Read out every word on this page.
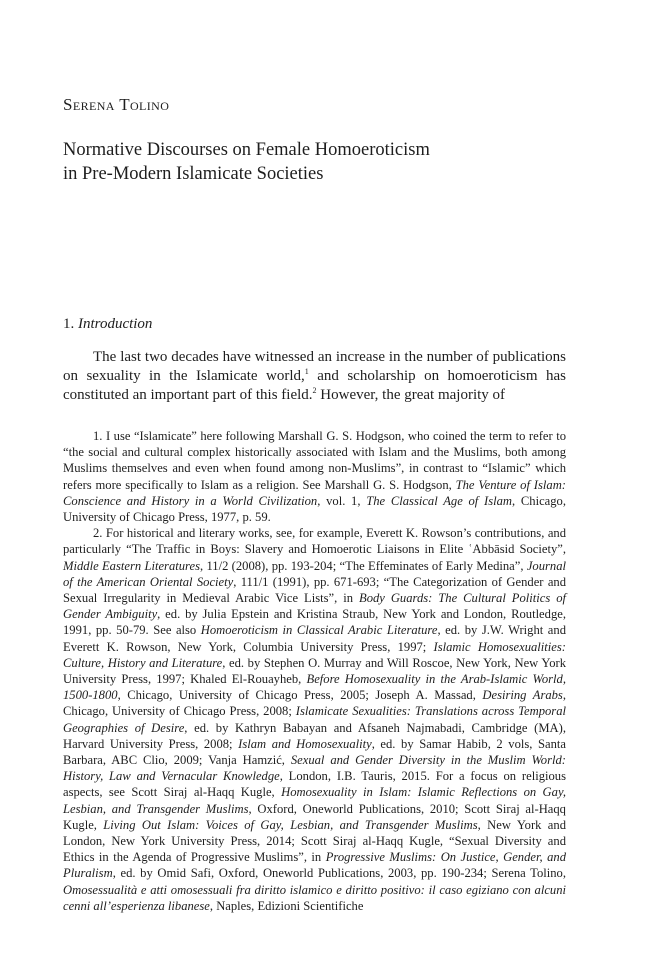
Serena Tolino
Normative Discourses on Female Homoeroticism
in Pre-Modern Islamicate Societies
1. Introduction

The last two decades have witnessed an increase in the number of publications on sexuality in the Islamicate world,$^1$ and scholarship on homoeroticism has constituted an important part of this field.$^2$ However, the great majority of

1. I use “Islamicate” here following Marshall G. S. Hodgson, who coined the term to refer to “the social and cultural complex historically associated with Islam and the Muslims, both among Muslims themselves and even when found among non-Muslims”, in contrast to “Islamic” which refers more specifically to Islam as a religion. See Marshall G. S. Hodgson, The Venture of Islam: Conscience and History in a World Civilization, vol. 1, The Classical Age of Islam, Chicago, University of Chicago Press, 1977, p. 59.

2. For historical and literary works, see, for example, Everett K. Rowson’s contributions, and particularly “The Traffic in Boys: Slavery and Homoerotic Liaisons in Elite ʿAbbāsid Society”, Middle Eastern Literatures, 11/2 (2008), pp. 193-204; “The Effeminates of Early Medina”, Journal of the American Oriental Society, 111/1 (1991), pp. 671-693; “The Categorization of Gender and Sexual Irregularity in Medieval Arabic Vice Lists”, in Body Guards: The Cultural Politics of Gender Ambiguity, ed. by Julia Epstein and Kristina Straub, New York and London, Routledge, 1991, pp. 50-79. See also Homoeroticism in Classical Arabic Literature, ed. by J.W. Wright and Everett K. Rowson, New York, Columbia University Press, 1997; Islamic Homosexualities: Culture, History and Literature, ed. by Stephen O. Murray and Will Roscoe, New York, New York University Press, 1997; Khaled El-Rouayheb, Before Homosexuality in the Arab-Islamic World, 1500-1800, Chicago, University of Chicago Press, 2005; Joseph A. Massad, Desiring Arabs, Chicago, University of Chicago Press, 2008; Islamicate Sexualities: Translations across Temporal Geographies of Desire, ed. by Kathryn Babayan and Afsaneh Najmabadi, Cambridge (MA), Harvard University Press, 2008; Islam and Homosexuality, ed. by Samar Habib, 2 vols, Santa Barbara, ABC Clio, 2009; Vanja Hamzić, Sexual and Gender Diversity in the Muslim World: History, Law and Vernacular Knowledge, London, I.B. Tauris, 2015. For a focus on religious aspects, see Scott Siraj al-Haqq Kugle, Homosexuality in Islam: Islamic Reflections on Gay, Lesbian, and Transgender Muslims, Oxford, Oneworld Publications, 2010; Scott Siraj al-Haqq Kugle, Living Out Islam: Voices of Gay, Lesbian, and Transgender Muslims, New York and London, New York University Press, 2014; Scott Siraj al-Haqq Kugle, “Sexual Diversity and Ethics in the Agenda of Progressive Muslims”, in Progressive Muslims: On Justice, Gender, and Pluralism, ed. by Omid Safi, Oxford, Oneworld Publications, 2003, pp. 190-234; Serena Tolino, Omosessualità e atti omosessuali fra diritto islamico e diritto positivo: il caso egiziano con alcuni cenni all’esperienza libanese, Naples, Edizioni Scientifiche
